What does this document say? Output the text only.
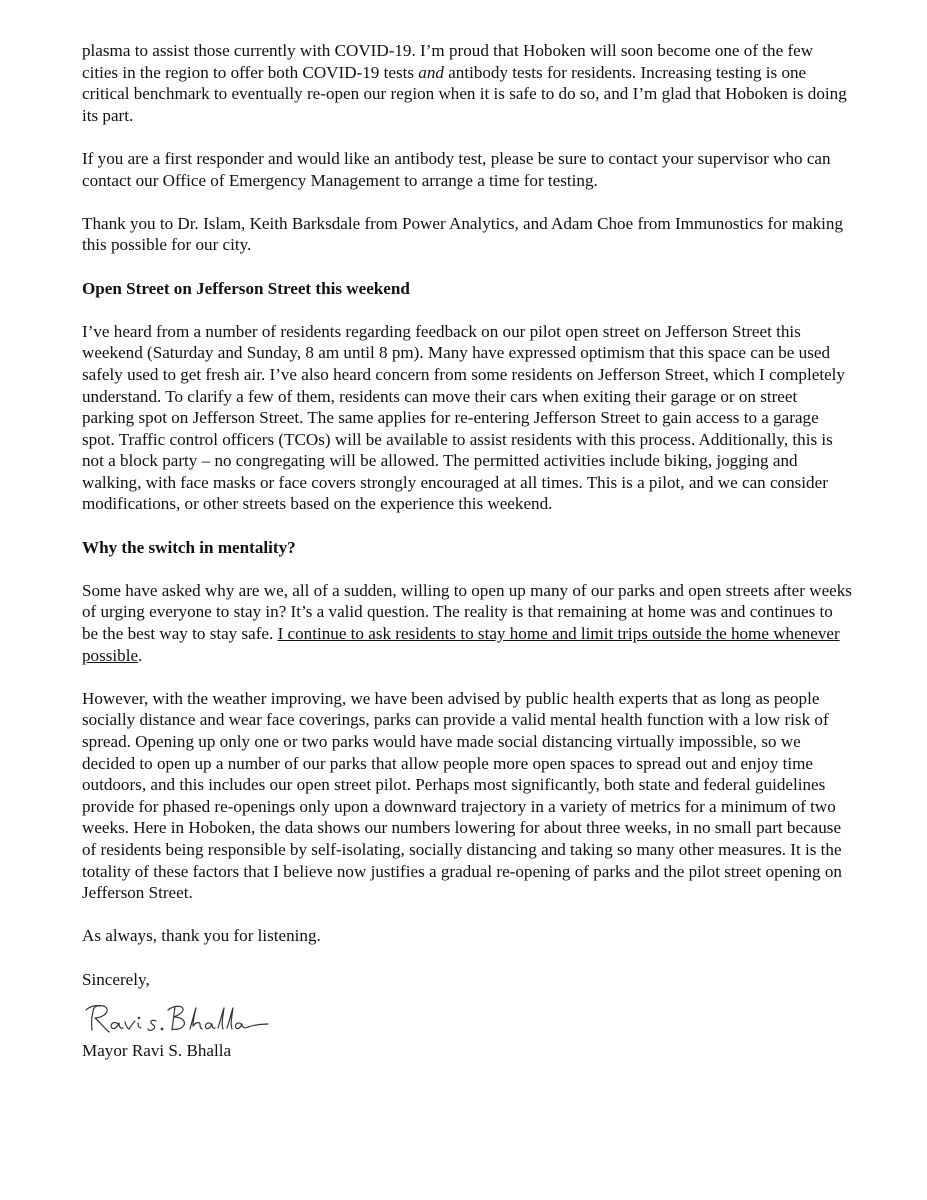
plasma to assist those currently with COVID-19. I’m proud that Hoboken will soon become one of the few cities in the region to offer both COVID-19 tests and antibody tests for residents. Increasing testing is one critical benchmark to eventually re-open our region when it is safe to do so, and I’m glad that Hoboken is doing its part.

If you are a first responder and would like an antibody test, please be sure to contact your supervisor who can contact our Office of Emergency Management to arrange a time for testing.

Thank you to Dr. Islam, Keith Barksdale from Power Analytics, and Adam Choe from Immunostics for making this possible for our city.

Open Street on Jefferson Street this weekend

I’ve heard from a number of residents regarding feedback on our pilot open street on Jefferson Street this weekend (Saturday and Sunday, 8 am until 8 pm). Many have expressed optimism that this space can be used safely used to get fresh air. I’ve also heard concern from some residents on Jefferson Street, which I completely understand. To clarify a few of them, residents can move their cars when exiting their garage or on street parking spot on Jefferson Street. The same applies for re-entering Jefferson Street to gain access to a garage spot. Traffic control officers (TCOs) will be available to assist residents with this process. Additionally, this is not a block party – no congregating will be allowed. The permitted activities include biking, jogging and walking, with face masks or face covers strongly encouraged at all times. This is a pilot, and we can consider modifications, or other streets based on the experience this weekend.

Why the switch in mentality?

Some have asked why are we, all of a sudden, willing to open up many of our parks and open streets after weeks of urging everyone to stay in? It’s a valid question. The reality is that remaining at home was and continues to be the best way to stay safe. I continue to ask residents to stay home and limit trips outside the home whenever possible.

However, with the weather improving, we have been advised by public health experts that as long as people socially distance and wear face coverings, parks can provide a valid mental health function with a low risk of spread. Opening up only one or two parks would have made social distancing virtually impossible, so we decided to open up a number of our parks that allow people more open spaces to spread out and enjoy time outdoors, and this includes our open street pilot. Perhaps most significantly, both state and federal guidelines provide for phased re-openings only upon a downward trajectory in a variety of metrics for a minimum of two weeks. Here in Hoboken, the data shows our numbers lowering for about three weeks, in no small part because of residents being responsible by self-isolating, socially distancing and taking so many other measures. It is the totality of these factors that I believe now justifies a gradual re-opening of parks and the pilot street opening on Jefferson Street.

As always, thank you for listening.

Sincerely,

Mayor Ravi S. Bhalla
